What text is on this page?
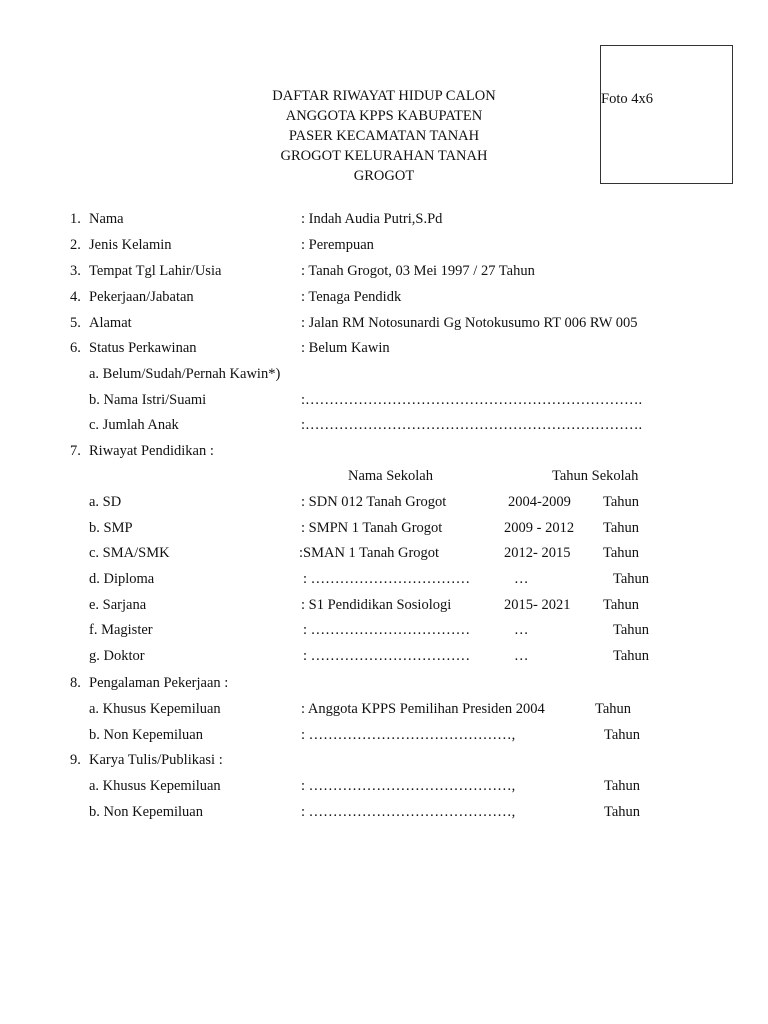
Foto 4x6
DAFTAR RIWAYAT HIDUP CALON
ANGGOTA KPPS KABUPATEN
PASER KECAMATAN TANAH
GROGOT KELURAHAN TANAH
GROGOT
1. Nama	: Indah Audia Putri,S.Pd
2. Jenis Kelamin	: Perempuan
3. Tempat Tgl Lahir/Usia	: Tanah Grogot, 03 Mei 1997 / 27 Tahun
4. Pekerjaan/Jabatan	: Tenaga Pendidk
5. Alamat	: Jalan RM Notosunardi Gg Notokusumo RT 006 RW 005
6. Status Perkawinan	: Belum Kawin
a. Belum/Sudah/Pernah Kawin*)
b. Nama Istri/Suami	:…………………………………………………………….
c. Jumlah Anak	:…………………………………………………………….
7. Riwayat Pendidikan :
Nama Sekolah	Tahun Sekolah
a. SD	: SDN 012 Tanah Grogot	2004-2009 Tahun
b. SMP	: SMPN 1 Tanah Grogot	2009 - 2012 Tahun
c. SMA/SMK	:SMAN 1 Tanah Grogot	2012- 2015 Tahun
d. Diploma	: ……………………………	…	Tahun
e. Sarjana	: S1 Pendidikan Sosiologi	2015- 2021 Tahun
f. Magister	: ……………………………	…	Tahun
g. Doktor	: ……………………………	…	Tahun
8. Pengalaman Pekerjaan :
a. Khusus Kepemiluan	: Anggota KPPS Pemilihan Presiden 2004	Tahun
b. Non Kepemiluan	: ……………………………………,	Tahun
9. Karya Tulis/Publikasi :
a. Khusus Kepemiluan	: ……………………………………,	Tahun
b. Non Kepemiluan	: ……………………………………,	Tahun
